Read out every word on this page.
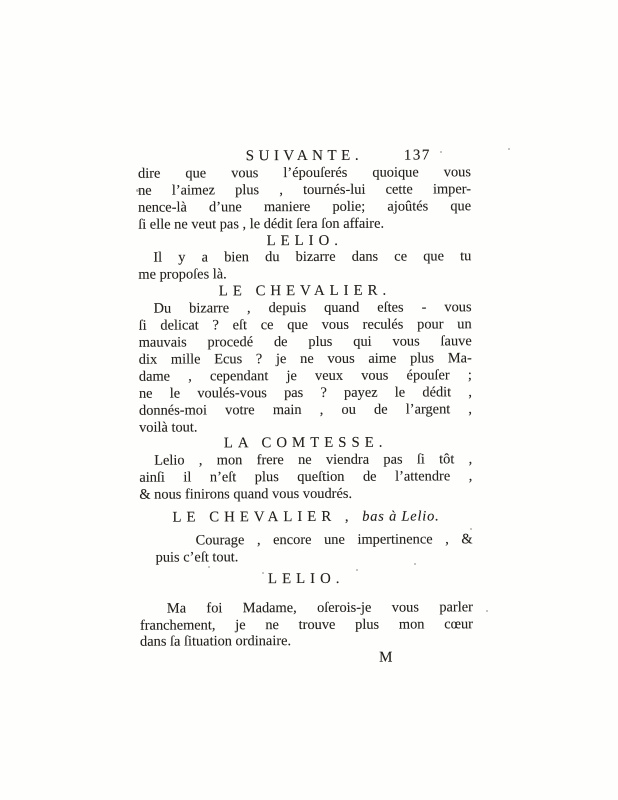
SUIVANTE.	137
dire que vous l’épouſerés quoique vous
ne l’aimez plus , tournés-lui cette imper-
nence-là d’une maniere polie; ajoûtés que
ſi elle ne veut pas , le dédit ſera ſon affaire.
LELIO.
Il y a bien du bizarre dans ce que tu
me propoſes là.
LE CHEVALIER.
Du bizarre , depuis quand eſtes - vous
ſi delicat ? eſt ce que vous reculés pour un
mauvais procedé de plus qui vous ſauve
dix mille Ecus ? je ne vous aime plus Ma-
dame , cependant je veux vous épouſer ;
ne le voulés-vous pas ? payez le dédit ,
donnés-moi votre main , ou de l’argent ,
voilà tout.
LA COMTESSE.
Lelio , mon frere ne viendra pas ſi tôt ,
ainſi il n’eſt plus queſtion de l’attendre ,
& nous finirons quand vous voudrés.
LE CHEVALIER , bas à Lelio.
Courage , encore une impertinence , &
puis c’eſt tout.
LELIO.
Ma foi Madame, oſerois-je vous parler
franchement, je ne trouve plus mon cœur
dans ſa ſituation ordinaire.
M
